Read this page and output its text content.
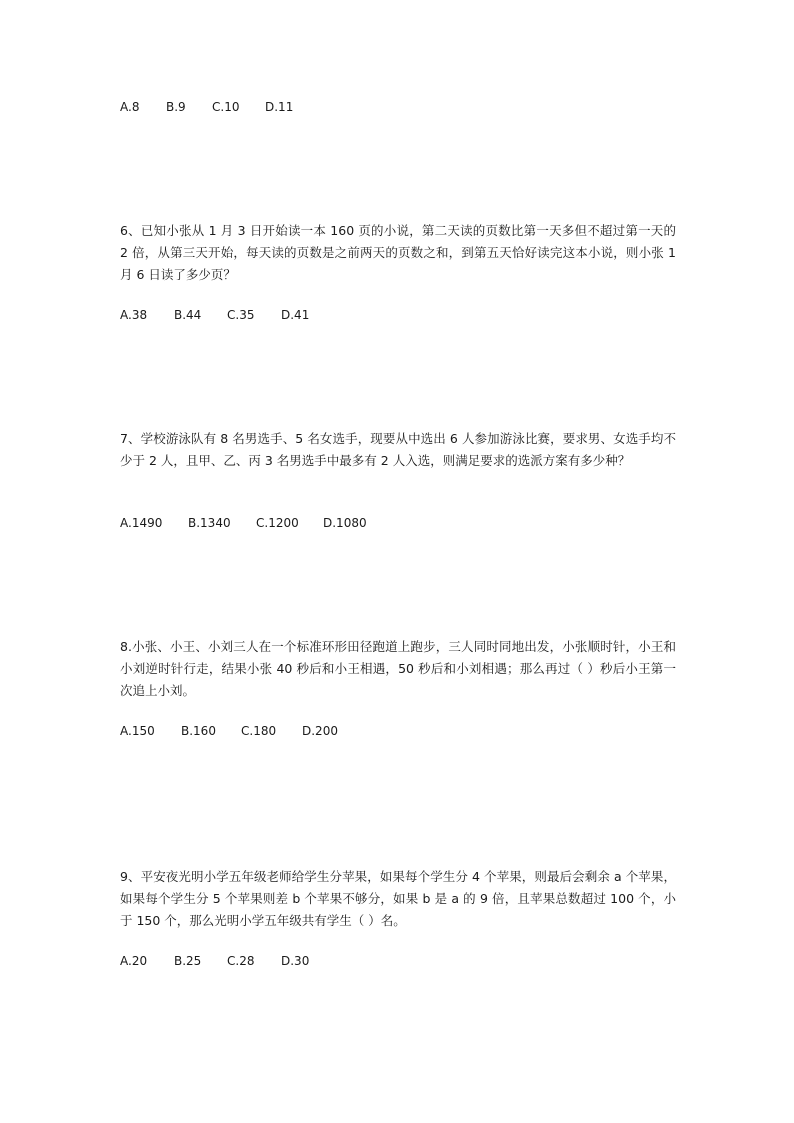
A.8 B.9 C.10 D.11
6、已知小张从 1 月 3 日开始读一本 160 页的小说，第二天读的页数比第一天多但不超过第一天的 2 倍，从第三天开始，每天读的页数是之前两天的页数之和，到第五天恰好读完这本小说，则小张 1 月 6 日读了多少页？
A.38 B.44 C.35 D.41
7、学校游泳队有 8 名男选手、5 名女选手，现要从中选出 6 人参加游泳比赛，要求男、女选手均不少于 2 人，且甲、乙、丙 3 名男选手中最多有 2 人入选，则满足要求的选派方案有多少种？
A.1490 B.1340 C.1200 D.1080
8.小张、小王、小刘三人在一个标准环形田径跑道上跑步，三人同时同地出发，小张顺时针，小王和小刘逆时针行走，结果小张 40 秒后和小王相遇，50 秒后和小刘相遇；那么再过（ ）秒后小王第一次追上小刘。
A.150 B.160 C.180 D.200
9、平安夜光明小学五年级老师给学生分苹果，如果每个学生分 4 个苹果，则最后会剩余 a 个苹果，如果每个学生分 5 个苹果则差 b 个苹果不够分，如果 b 是 a 的 9 倍，且苹果总数超过 100 个，小于 150 个，那么光明小学五年级共有学生（ ）名。
A.20 B.25 C.28 D.30
